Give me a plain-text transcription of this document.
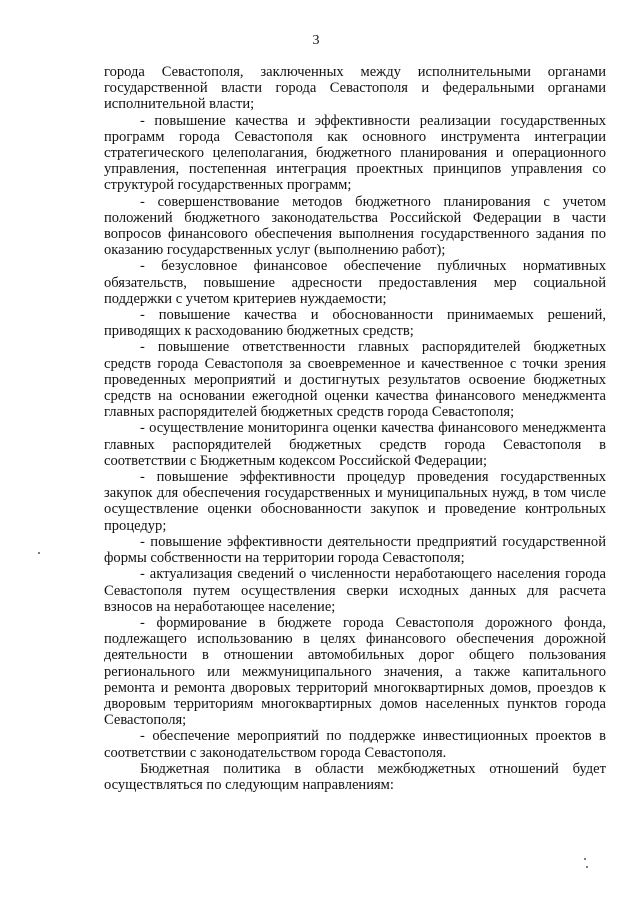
3

города Севастополя, заключенных между исполнительными органами государственной власти города Севастополя и федеральными органами исполнительной власти;

- повышение качества и эффективности реализации государственных программ города Севастополя как основного инструмента интеграции стратегического целеполагания, бюджетного планирования и операционного управления, постепенная интеграция проектных принципов управления со структурой государственных программ;

- совершенствование методов бюджетного планирования с учетом положений бюджетного законодательства Российской Федерации в части вопросов финансового обеспечения выполнения государственного задания по оказанию государственных услуг (выполнению работ);

- безусловное финансовое обеспечение публичных нормативных обязательств, повышение адресности предоставления мер социальной поддержки с учетом критериев нуждаемости;

- повышение качества и обоснованности принимаемых решений, приводящих к расходованию бюджетных средств;

- повышение ответственности главных распорядителей бюджетных средств города Севастополя за своевременное и качественное с точки зрения проведенных мероприятий и достигнутых результатов освоение бюджетных средств на основании ежегодной оценки качества финансового менеджмента главных распорядителей бюджетных средств города Севастополя;

- осуществление мониторинга оценки качества финансового менеджмента главных распорядителей бюджетных средств города Севастополя в соответствии с Бюджетным кодексом Российской Федерации;

- повышение эффективности процедур проведения государственных закупок для обеспечения государственных и муниципальных нужд, в том числе осуществление оценки обоснованности закупок и проведение контрольных процедур;

- повышение эффективности деятельности предприятий государственной формы собственности на территории города Севастополя;

- актуализация сведений о численности неработающего населения города Севастополя путем осуществления сверки исходных данных для расчета взносов на неработающее население;

- формирование в бюджете города Севастополя дорожного фонда, подлежащего использованию в целях финансового обеспечения дорожной деятельности в отношении автомобильных дорог общего пользования регионального или межмуниципального значения, а также капитального ремонта и ремонта дворовых территорий многоквартирных домов, проездов к дворовым территориям многоквартирных домов населенных пунктов города Севастополя;

- обеспечение мероприятий по поддержке инвестиционных проектов в соответствии с законодательством города Севастополя.

Бюджетная политика в области межбюджетных отношений будет осуществляться по следующим направлениям:
